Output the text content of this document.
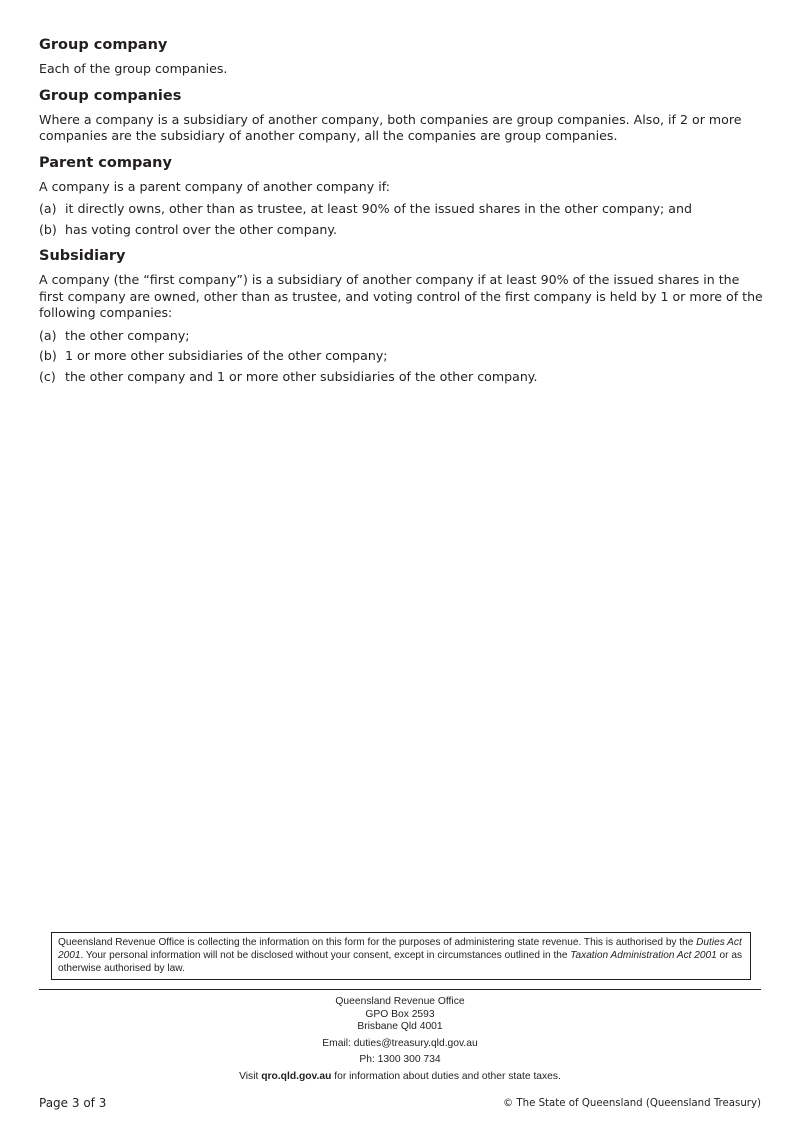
Group company

Each of the group companies.

Group companies

Where a company is a subsidiary of another company, both companies are group companies. Also, if 2 or more companies are the subsidiary of another company, all the companies are group companies.

Parent company

A company is a parent company of another company if:

(a) it directly owns, other than as trustee, at least 90% of the issued shares in the other company; and
(b) has voting control over the other company.
Subsidiary

A company (the “first company”) is a subsidiary of another company if at least 90% of the issued shares in the first company are owned, other than as trustee, and voting control of the first company is held by 1 or more of the following companies:

(a) the other company;
(b) 1 or more other subsidiaries of the other company;
(c) the other company and 1 or more other subsidiaries of the other company.
Queensland Revenue Office is collecting the information on this form for the purposes of administering state revenue. This is authorised by the Duties Act 2001. Your personal information will not be disclosed without your consent, except in circumstances outlined in the Taxation Administration Act 2001 or as otherwise authorised by law.
Queensland Revenue Office
GPO Box 2593
Brisbane Qld 4001
Email: duties@treasury.qld.gov.au
Ph: 1300 300 734
Visit qro.qld.gov.au for information about duties and other state taxes.
Page 3 of 3	© The State of Queensland (Queensland Treasury)
